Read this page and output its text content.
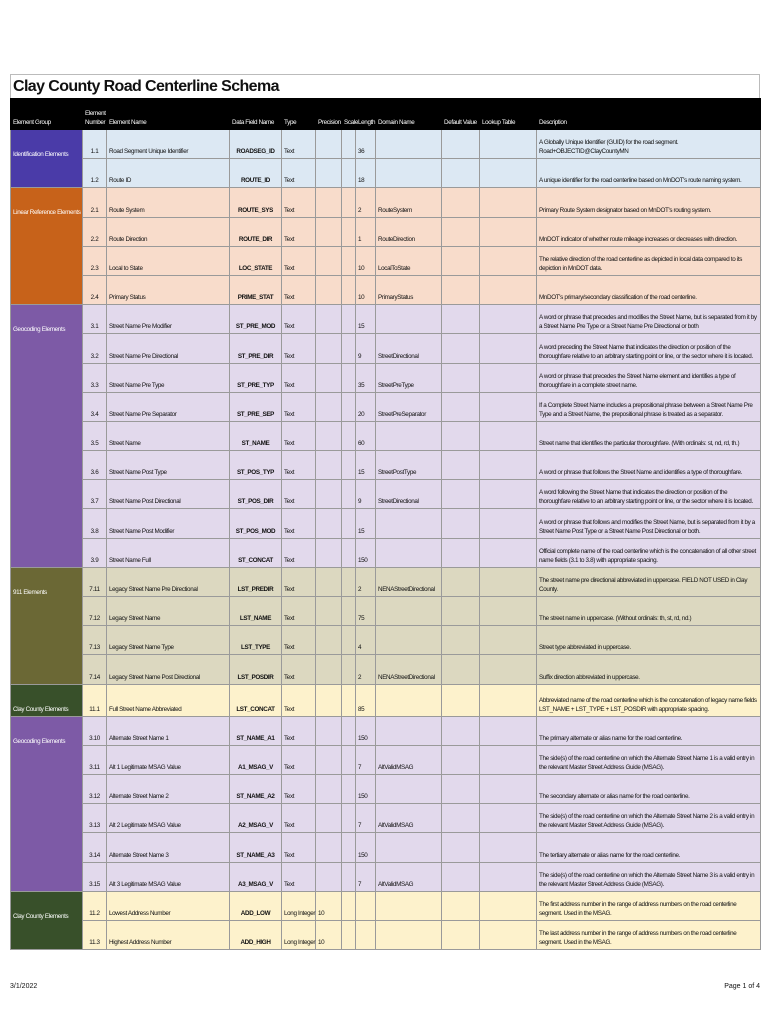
Clay County Road Centerline Schema
Element Group	Element
Number	Element Name	Data Field Name	Type	Precision	Scale	Length	Domain Name	Default Value	Lookup Table	Description
Identification Elements	1.1	Road Segment Unique Identifier	ROADSEG_ID	Text			36				A Globally Unique Identifier (GUID) for the road segment. Road+OBJECTID@ClayCountyMN
	1.2	Route ID	ROUTE_ID	Text			18				A unique identifier for the road centerline based on MnDOT's route naming system.
Linear Reference Elements	2.1	Route System	ROUTE_SYS	Text			2	RouteSystem			Primary Route System designator based on MnDOT's routing system.
	2.2	Route Direction	ROUTE_DIR	Text			1	RouteDirection			MnDOT indicator of whether route mileage increases or decreases with direction.
	2.3	Local to State	LOC_STATE	Text			10	LocalToState			The relative direction of the road centerline as depicted in local data compared to its depiction in MnDOT data.
	2.4	Primary Status	PRIME_STAT	Text			10	PrimaryStatus			MnDOT's primary/secondary classification of the road centerline.
Geocoding Elements	3.1	Street Name Pre Modifier	ST_PRE_MOD	Text			15				A word or phrase that precedes and modifies the Street Name, but is separated from it by a Street Name Pre Type or a Street Name Pre Directional or both
	3.2	Street Name Pre Directional	ST_PRE_DIR	Text			9	StreetDirectional			A word preceding the Street Name that indicates the direction or position of the thoroughfare relative to an arbitrary starting point or line, or the sector where it is located.
	3.3	Street Name Pre Type	ST_PRE_TYP	Text			35	StreetPreType			A word or phrase that precedes the Street Name element and identifies a type of thoroughfare in a complete street name.
	3.4	Street Name Pre Separator	ST_PRE_SEP	Text			20	StreetPreSeparator			If a Complete Street Name includes a prepositional phrase between a Street Name Pre Type and a Street Name, the prepositional phrase is treated as a separator.
	3.5	Street Name	ST_NAME	Text			60				Street name that identifies the particular thoroughfare. (With ordinals: st, nd, rd, th.)
	3.6	Street Name Post Type	ST_POS_TYP	Text			15	StreetPostType			A word or phrase that follows the Street Name and identifies a type of thoroughfare.
	3.7	Street Name Post Directional	ST_POS_DIR	Text			9	StreetDirectional			A word following the Street Name that indicates the direction or position of the thoroughfare relative to an arbitrary starting point or line, or the sector where it is located.
	3.8	Street Name Post Modifier	ST_POS_MOD	Text			15				A word or phrase that follows and modifies the Street Name, but is separated from it by a Street Name Post Type or a Street Name Post Directional or both.
	3.9	Street Name Full	ST_CONCAT	Text			150				Official complete name of the road centerline which is the concatenation of all other street name fields (3.1 to 3.8) with appropriate spacing.
911 Elements	7.11	Legacy Street Name Pre Directional	LST_PREDIR	Text			2	NENAStreetDirectional			The street name pre directional abbreviated in uppercase. FIELD NOT USED in Clay County.
	7.12	Legacy Street Name	LST_NAME	Text			75				The street name in uppercase. (Without ordinals: th, st, rd, nd.)
	7.13	Legacy Street Name Type	LST_TYPE	Text			4				Street type abbreviated in uppercase.
	7.14	Legacy Street Name Post Directional	LST_POSDIR	Text			2	NENAStreetDirectional			Suffix direction abbreviated in uppercase.
Clay County Elements	11.1	Full Street Name Abbreviated	LST_CONCAT	Text			85				Abbreviated name of the road centerline which is the concatenation of legacy name fields LST_NAME + LST_TYPE + LST_POSDIR with appropriate spacing.
Geocoding Elements	3.10	Alternate Street Name 1	ST_NAME_A1	Text			150				The primary alternate or alias name for the road centerline.
	3.11	Alt 1 Legitimate MSAG Value	A1_MSAG_V	Text			7	AltValidMSAG			The side(s) of the road centerline on which the Alternate Street Name 1 is a valid entry in the relevant Master Street Address Guide (MSAG).
	3.12	Alternate Street Name 2	ST_NAME_A2	Text			150				The secondary alternate or alias name for the road centerline.
	3.13	Alt 2 Legitimate MSAG Value	A2_MSAG_V	Text			7	AltValidMSAG			The side(s) of the road centerline on which the Alternate Street Name 2 is a valid entry in the relevant Master Street Address Guide (MSAG).
	3.14	Alternate Street Name 3	ST_NAME_A3	Text			150				The tertiary alternate or alias name for the road centerline.
	3.15	Alt 3 Legitimate MSAG Value	A3_MSAG_V	Text			7	AltValidMSAG			The side(s) of the road centerline on which the Alternate Street Name 3 is a valid entry in the relevant Master Street Address Guide (MSAG).
Clay County Elements	11.2	Lowest Address Number	ADD_LOW	Long Integer	10						The first address number in the range of address numbers on the road centerline segment. Used in the MSAG.
	11.3	Highest Address Number	ADD_HIGH	Long Integer	10						The last address number in the range of address numbers on the road centerline segment. Used in the MSAG.
3/1/2022	Page 1 of 4
